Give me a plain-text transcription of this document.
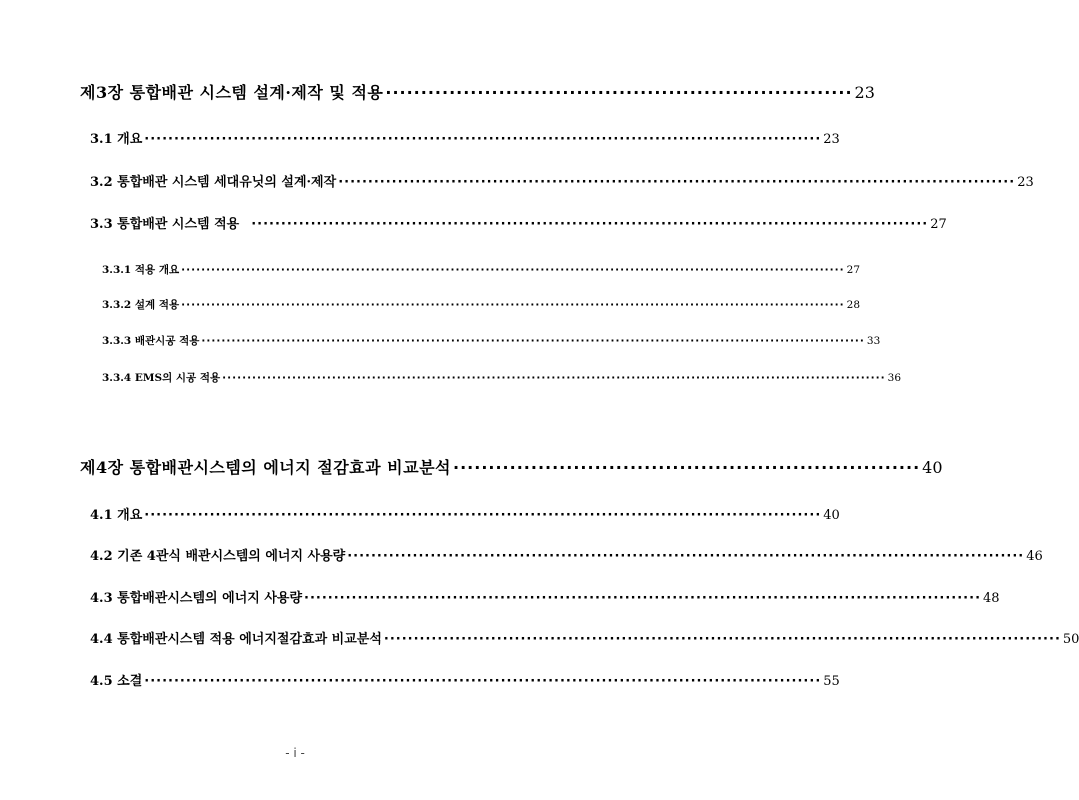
제3장 통합배관 시스템 설계·제작 및 적용 ·································································· 23
3.1 개요 ·················································································································· 23
3.2 통합배관 시스템 세대유닛의 설계·제작 ·················································································································· 23
3.3 통합배관 시스템 적용 ·················································································································· 27
3.3.1 적용 개요 ····································································································································· 27
3.3.2 설계 적용 ····································································································································· 28
3.3.3 배관시공 적용 ····································································································································· 33
3.3.4 EMS의 시공 적용 ····································································································································· 36
제4장 통합배관시스템의 에너지 절감효과 비교분석 ·································································· 40
4.1 개요 ·················································································································· 40
4.2 기존 4관식 배관시스템의 에너지 사용량 ·················································································································· 46
4.3 통합배관시스템의 에너지 사용량 ·················································································································· 48
4.4 통합배관시스템 적용 에너지절감효과 비교분석 ·················································································································· 50
4.5 소결 ·················································································································· 55
- i -
